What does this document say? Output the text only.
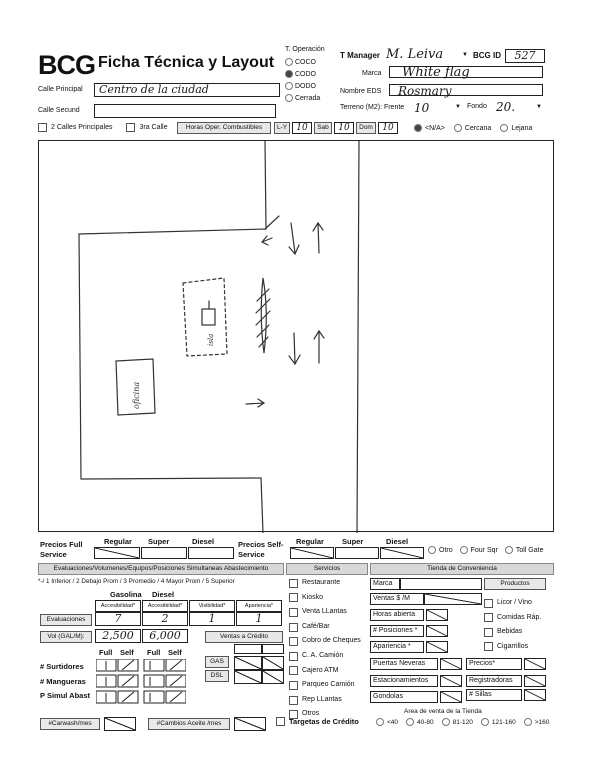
BCG Ficha Técnica y Layout
Calle Principal	Centro de la ciudad
Calle Secund
T. Operación
COCO
CODO
DODO
Cerrada
T Manager M. Leiva	▼ BCG ID	527
Marca	White flag
Nombre EDS	Rosmary
Terreno (M2): Frente 10	▼ Fondo 20.	▼
2 Calles Principales	3ra Calle	Horas Oper. Combustibles	L-Y	10	Sab	10	Dom	10	<N/A>	Cercana	Lejana
isla
oficina
Precios Full Service
Regular Super	Diesel	Precios Self-Service
Regular Super	Diesel
Otro	Four Sqr	Toll Gate
Evaluaciones/Volumenes/Equipos/Posiciones Simultaneas Abastecimiento	Servicios	Tienda de Conveniencia
*-/ 1 Inferior / 2 Debajo Prom / 3 Promedio / 4 Mayor Prom / 5 Superior
Gasolina Diesel
Accesibilidad*	Accesibilidad*	Visibilidad*	Apariencia*
Evaluaciones	7	2	1	1
Vol (GAL/M):	2,500	6,000	Ventas a Crédito
GAS
DSL
Full Self Full Self
# Surtidores
# Mangueras
P Simul Abast
Restaurante
Kiosko
Venta LLantas
Café/Bar
Cobro de Cheques
C. A. Camión
Cajero ATM
Parqueo Camión
Rep LLantas
Otros
Marca	Productos
Ventas $ /M
Horas abierta
# Posiciones *
Apariencia *
Licor / Vino
Comidas Ráp.
Bebidas
Cigarrillos
Puertas Neveras	Precios*
Estacionamientos	Registradoras
Gondolas	# Sillas
#Carwash/mes	#Cambios Aceite /mes	Targetas de Crédito
Area de venta de la Tienda
<40	40-80	81-120	121-160	>160
